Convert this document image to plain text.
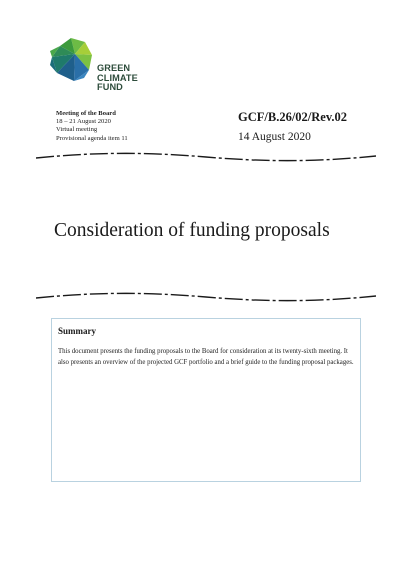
GREEN
CLIMATE
FUND
Meeting of the Board
18 – 21 August 2020
Virtual meeting
Provisional agenda item 11
GCF/B.26/02/Rev.02
14 August 2020
Consideration of funding proposals
Summary
This document presents the funding proposals to the Board for consideration at its twenty-sixth meeting. It also presents an overview of the projected GCF portfolio and a brief guide to the funding proposal packages.
